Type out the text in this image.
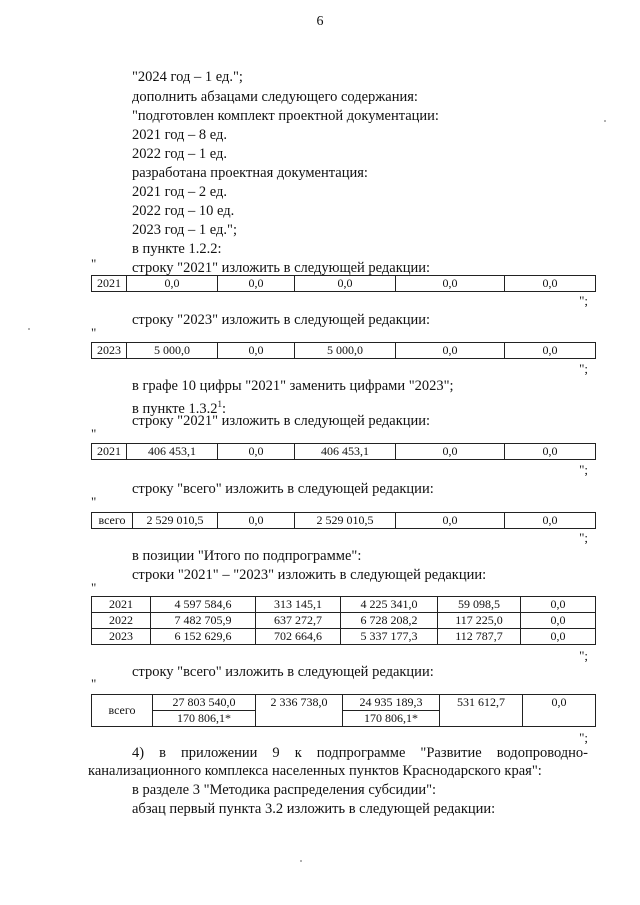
6
"2024 год – 1 ед.";
дополнить абзацами следующего содержания:
"подготовлен комплект проектной документации:
2021 год – 8 ед.
2022 год – 1 ед.
разработана проектная документация:
2021 год – 2 ед.
2022 год – 10 ед.
2023 год – 1 ед.";
в пункте 1.2.2:
строку "2021" изложить в следующей редакции:
"
2021	0,0	0,0	0,0	0,0	0,0
";
строку "2023" изложить в следующей редакции:
"
2023	5 000,0	0,0	5 000,0	0,0	0,0
";
в графе 10 цифры "2021" заменить цифрами "2023";
в пункте 1.3.2$^1$:
строку "2021" изложить в следующей редакции:
"
2021	406 453,1	0,0	406 453,1	0,0	0,0
";
строку "всего" изложить в следующей редакции:
"
всего	2 529 010,5	0,0	2 529 010,5	0,0	0,0
";
в позиции "Итого по подпрограмме":
строки "2021" – "2023" изложить в следующей редакции:
"
2021	4 597 584,6	313 145,1	4 225 341,0	59 098,5	0,0
2022	7 482 705,9	637 272,7	6 728 208,2	117 225,0	0,0
2023	6 152 629,6	702 664,6	5 337 177,3	112 787,7	0,0
";
строку "всего" изложить в следующей редакции:
"
всего	27 803 540,0	2 336 738,0	24 935 189,3	531 612,7	0,0
	170 806,1*		170 806,1*		
";
4) в приложении 9 к подпрограмме "Развитие водопроводно-канализационного комплекса населенных пунктов Краснодарского края":
в разделе 3 "Методика распределения субсидии":
абзац первый пункта 3.2 изложить в следующей редакции:
